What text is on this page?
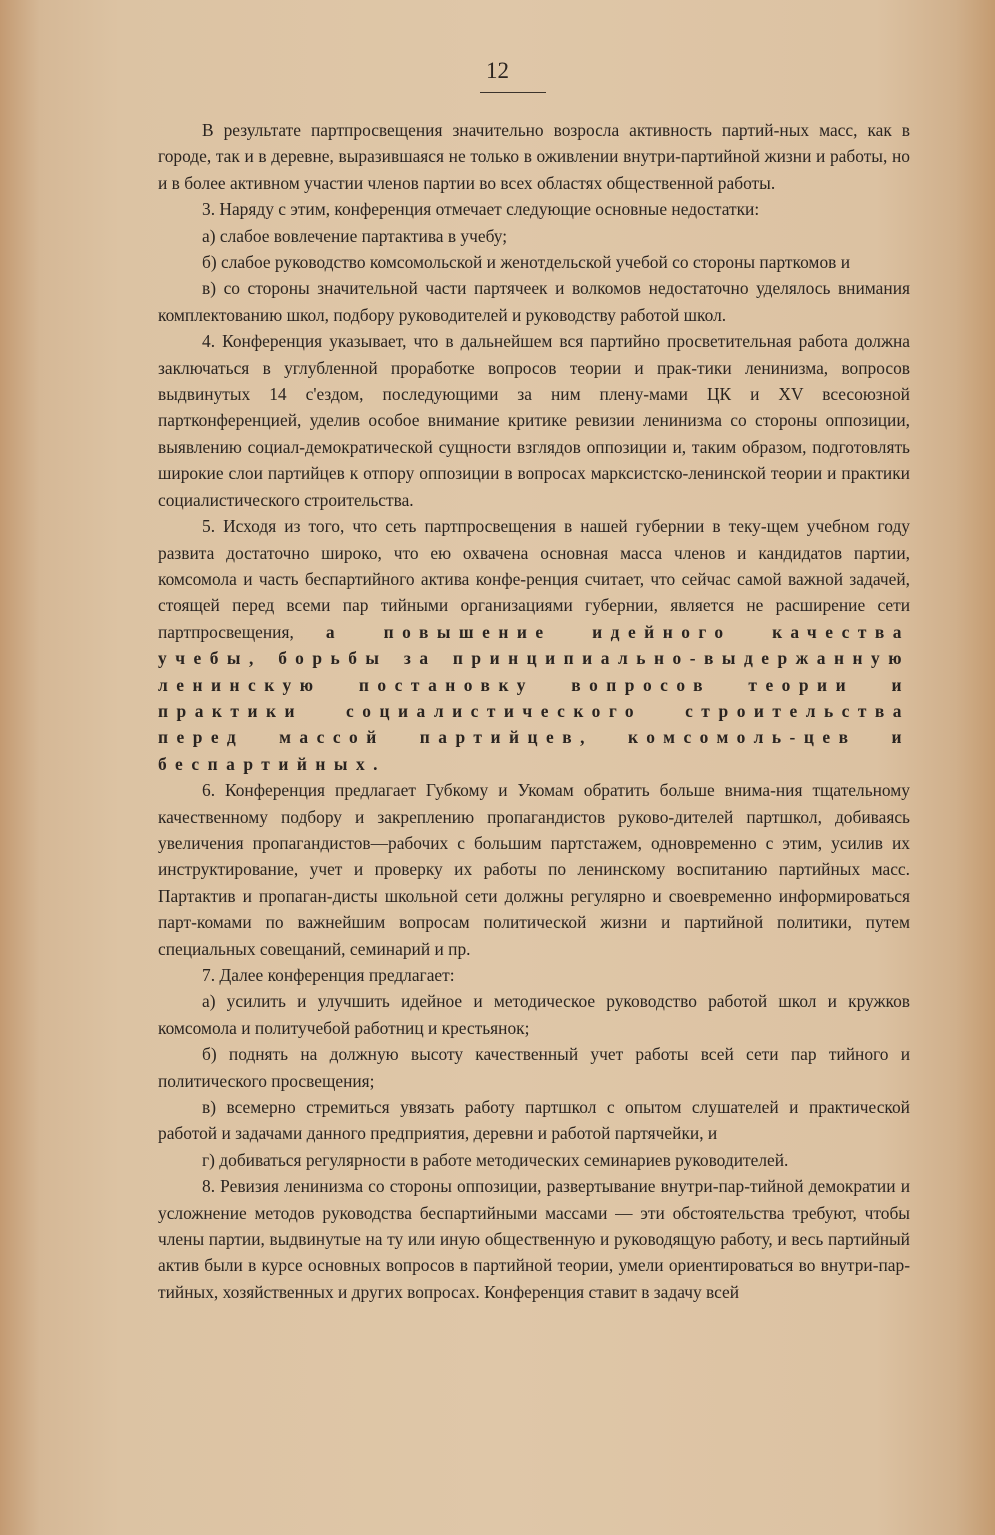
12

В результате партпросвещения значительно возросла активность партий-ных масс, как в городе, так и в деревне, выразившаяся не только в оживлении внутри-партийной жизни и работы, но и в более активном участии членов партии во всех областях общественной работы.

3. Наряду с этим, конференция отмечает следующие основные недостатки:

а) слабое вовлечение партактива в учебу;

б) слабое руководство комсомольской и женотдельской учебой со стороны парткомов и

в) со стороны значительной части партячеек и волкомов недостаточно уделялось внимания комплектованию школ, подбору руководителей и руководству работой школ.

4. Конференция указывает, что в дальнейшем вся партийно просветительная работа должна заключаться в углубленной проработке вопросов теории и прак-тики ленинизма, вопросов выдвинутых 14 с'ездом, последующими за ним плену-мами ЦК и XV всесоюзной партконференцией, уделив особое внимание критике ревизии ленинизма со стороны оппозиции, выявлению социал-демократической сущности взглядов оппозиции и, таким образом, подготовлять широкие слои партийцев к отпору оппозиции в вопросах марксистско-ленинской теории и практики социалистического строительства.

5. Исходя из того, что сеть партпросвещения в нашей губернии в теку-щем учебном году развита достаточно широко, что ею охвачена основная масса членов и кандидатов партии, комсомола и часть беспартийного актива конфе-ренция считает, что сейчас самой важной задачей, стоящей перед всеми пар тийными организациями губернии, является не расширение сети партпросвещения, а повышение идейного качества учебы, борьбы за принципиально-выдержанную ленинскую постановку вопросов теории и практики социалистического строительства перед массой партийцев, комсомоль-цев и беспартийных.

6. Конференция предлагает Губкому и Укомам обратить больше внима-ния тщательному качественному подбору и закреплению пропагандистов руково-дителей партшкол, добиваясь увеличения пропагандистов—рабочих с большим партстажем, одновременно с этим, усилив их инструктирование, учет и проверку их работы по ленинскому воспитанию партийных масс. Партактив и пропаган-дисты школьной сети должны регулярно и своевременно информироваться парт-комами по важнейшим вопросам политической жизни и партийной политики, путем специальных совещаний, семинарий и пр.

7. Далее конференция предлагает:

а) усилить и улучшить идейное и методическое руководство работой школ и кружков комсомола и политучебой работниц и крестьянок;

б) поднять на должную высоту качественный учет работы всей сети пар тийного и политического просвещения;

в) всемерно стремиться увязать работу партшкол с опытом слушателей и практической работой и задачами данного предприятия, деревни и работой партячейки, и

г) добиваться регулярности в работе методических семинариев руководителей.

8. Ревизия ленинизма со стороны оппозиции, развертывание внутри-пар-тийной демократии и усложнение методов руководства беспартийными массами — эти обстоятельства требуют, чтобы члены партии, выдвинутые на ту или иную общественную и руководящую работу, и весь партийный актив были в курсе основных вопросов в партийной теории, умели ориентироваться во внутри-пар-тийных, хозяйственных и других вопросах. Конференция ставит в задачу всей
